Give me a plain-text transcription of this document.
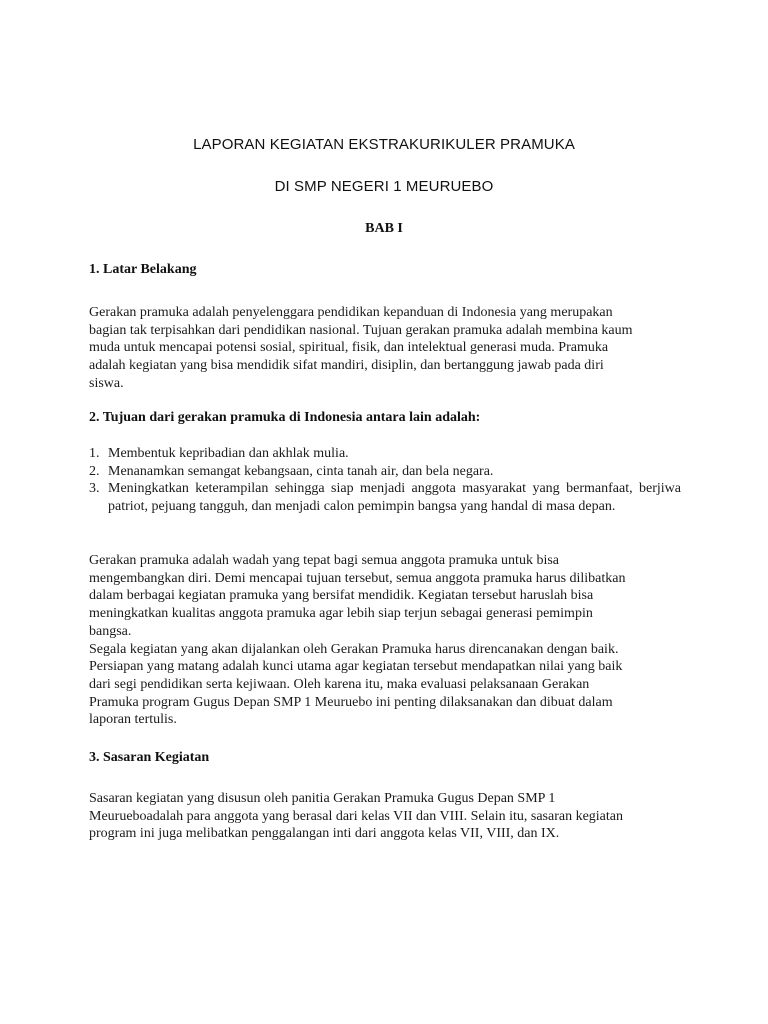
LAPORAN KEGIATAN EKSTRAKURIKULER PRAMUKA
DI SMP NEGERI 1 MEURUEBO
BAB I
1. Latar Belakang

Gerakan pramuka adalah penyelenggara pendidikan kepanduan di Indonesia yang merupakan
bagian tak terpisahkan dari pendidikan nasional. Tujuan gerakan pramuka adalah membina kaum
muda untuk mencapai potensi sosial, spiritual, fisik, dan intelektual generasi muda. Pramuka
adalah kegiatan yang bisa mendidik sifat mandiri, disiplin, dan bertanggung jawab pada diri
siswa.

2. Tujuan dari gerakan pramuka di Indonesia antara lain adalah:
1. Membentuk kepribadian dan akhlak mulia.
2. Menanamkan semangat kebangsaan, cinta tanah air, dan bela negara.
3. Meningkatkan keterampilan sehingga siap menjadi anggota masyarakat yang bermanfaat, berjiwa patriot, pejuang tangguh, dan menjadi calon pemimpin bangsa yang handal di masa depan.

Gerakan pramuka adalah wadah yang tepat bagi semua anggota pramuka untuk bisa
mengembangkan diri. Demi mencapai tujuan tersebut, semua anggota pramuka harus dilibatkan
dalam berbagai kegiatan pramuka yang bersifat mendidik. Kegiatan tersebut haruslah bisa
meningkatkan kualitas anggota pramuka agar lebih siap terjun sebagai generasi pemimpin
bangsa.
Segala kegiatan yang akan dijalankan oleh Gerakan Pramuka harus direncanakan dengan baik.
Persiapan yang matang adalah kunci utama agar kegiatan tersebut mendapatkan nilai yang baik
dari segi pendidikan serta kejiwaan. Oleh karena itu, maka evaluasi pelaksanaan Gerakan
Pramuka program Gugus Depan SMP 1 Meuruebo ini penting dilaksanakan dan dibuat dalam
laporan tertulis.

3. Sasaran Kegiatan

Sasaran kegiatan yang disusun oleh panitia Gerakan Pramuka Gugus Depan SMP 1
Meurueboadalah para anggota yang berasal dari kelas VII dan VIII. Selain itu, sasaran kegiatan
program ini juga melibatkan penggalangan inti dari anggota kelas VII, VIII, dan IX.
